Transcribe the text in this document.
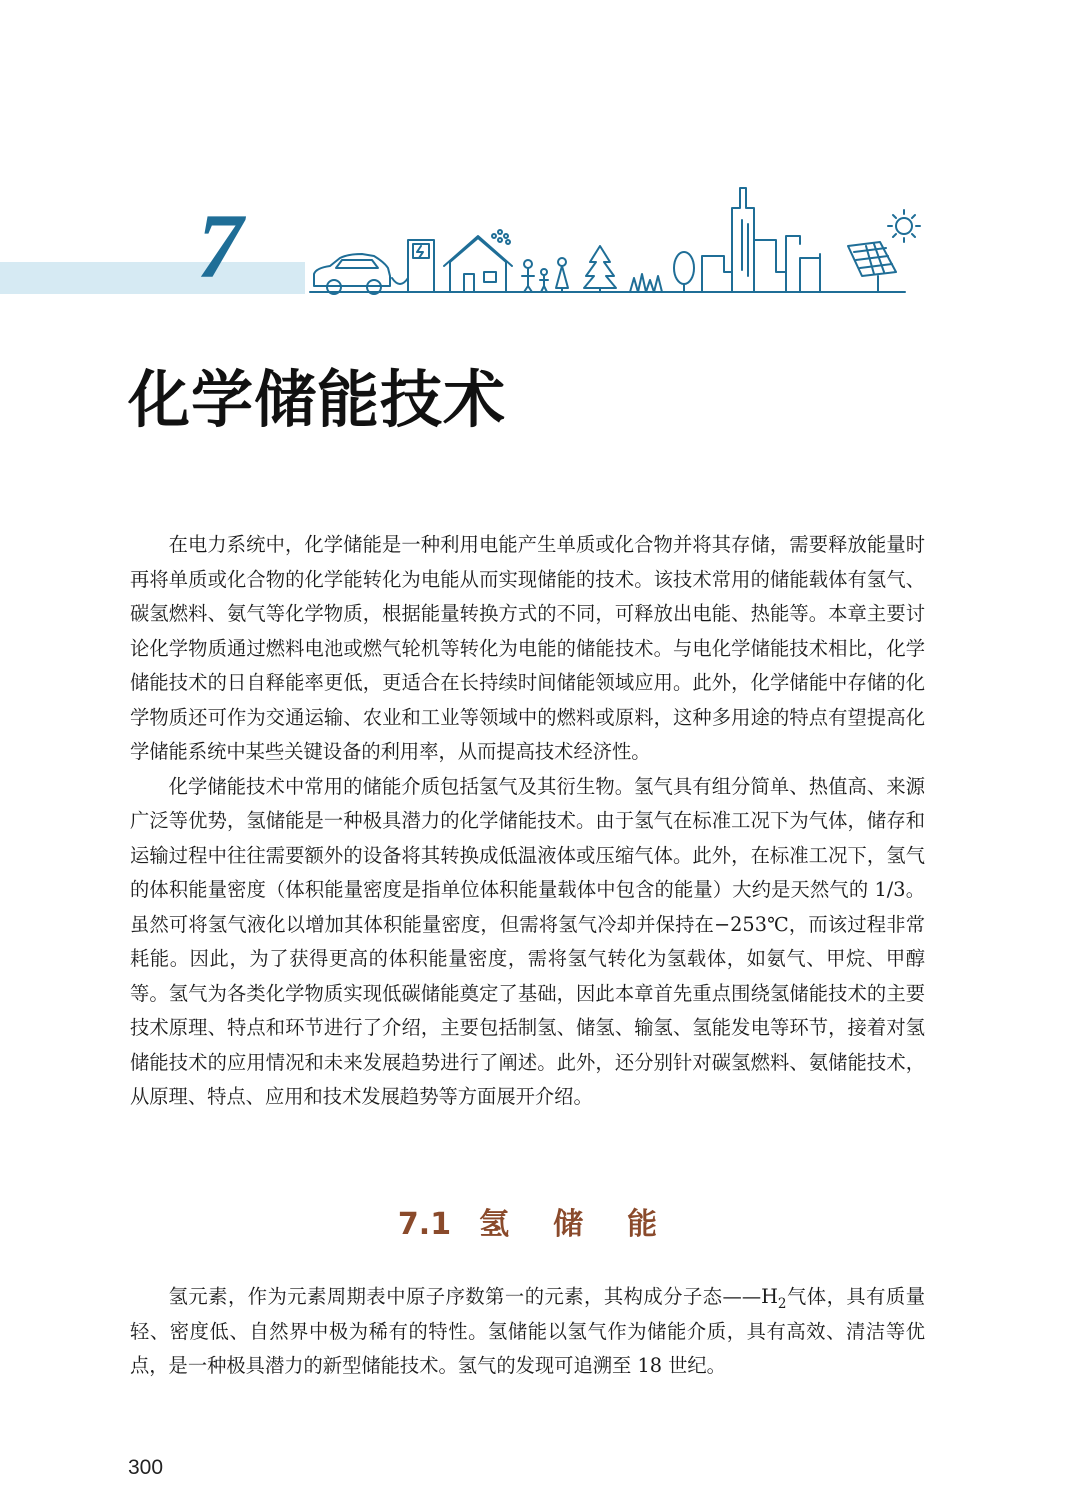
7
化学储能技术

在电力系统中，化学储能是一种利用电能产生单质或化合物并将其存储，需要释放能量时再将单质或化合物的化学能转化为电能从而实现储能的技术。该技术常用的储能载体有氢气、碳氢燃料、氨气等化学物质，根据能量转换方式的不同，可释放出电能、热能等。本章主要讨论化学物质通过燃料电池或燃气轮机等转化为电能的储能技术。与电化学储能技术相比，化学储能技术的日自释能率更低，更适合在长持续时间储能领域应用。此外，化学储能中存储的化学物质还可作为交通运输、农业和工业等领域中的燃料或原料，这种多用途的特点有望提高化学储能系统中某些关键设备的利用率，从而提高技术经济性。

化学储能技术中常用的储能介质包括氢气及其衍生物。氢气具有组分简单、热值高、来源广泛等优势，氢储能是一种极具潜力的化学储能技术。由于氢气在标准工况下为气体，储存和运输过程中往往需要额外的设备将其转换成低温液体或压缩气体。此外，在标准工况下，氢气的体积能量密度（体积能量密度是指单位体积能量载体中包含的能量）大约是天然气的 1/3。虽然可将氢气液化以增加其体积能量密度，但需将氢气冷却并保持在−253℃，而该过程非常耗能。因此，为了获得更高的体积能量密度，需将氢气转化为氢载体，如氨气、甲烷、甲醇等。氢气为各类化学物质实现低碳储能奠定了基础，因此本章首先重点围绕氢储能技术的主要技术原理、特点和环节进行了介绍，主要包括制氢、储氢、输氢、氢能发电等环节，接着对氢储能技术的应用情况和未来发展趋势进行了阐述。此外，还分别针对碳氢燃料、氨储能技术，从原理、特点、应用和技术发展趋势等方面展开介绍。

7.1 氢储能

氢元素，作为元素周期表中原子序数第一的元素，其构成分子态$——H_2$气体，具有质量轻、密度低、自然界中极为稀有的特性。氢储能以氢气作为储能介质，具有高效、清洁等优点，是一种极具潜力的新型储能技术。氢气的发现可追溯至 18 世纪。

300
